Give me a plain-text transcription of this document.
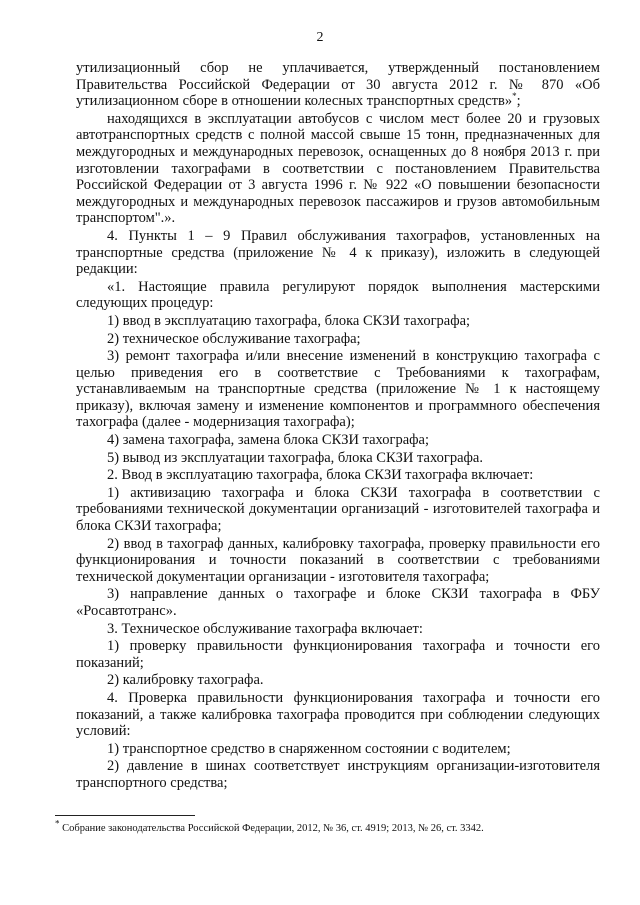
2

утилизационный сбор не уплачивается, утвержденный постановлением Правительства Российской Федерации от 30 августа 2012 г. № 870 «Об утилизационном сборе в отношении колесных транспортных средств»*;

находящихся в эксплуатации автобусов с числом мест более 20 и грузовых автотранспортных средств с полной массой свыше 15 тонн, предназначенных для междугородных и международных перевозок, оснащенных до 8 ноября 2013 г. при изготовлении тахографами в соответствии с постановлением Правительства Российской Федерации от 3 августа 1996 г. № 922 «О повышении безопасности междугородных и международных перевозок пассажиров и грузов автомобильным транспортом".».

4. Пункты 1 – 9 Правил обслуживания тахографов, установленных на транспортные средства (приложение № 4 к приказу), изложить в следующей редакции:

«1. Настоящие правила регулируют порядок выполнения мастерскими следующих процедур:

1) ввод в эксплуатацию тахографа, блока СКЗИ тахографа;

2) техническое обслуживание тахографа;

3) ремонт тахографа и/или внесение изменений в конструкцию тахографа с целью приведения его в соответствие с Требованиями к тахографам, устанавливаемым на транспортные средства (приложение № 1 к настоящему приказу), включая замену и изменение компонентов и программного обеспечения тахографа (далее - модернизация тахографа);

4) замена тахографа, замена блока СКЗИ тахографа;

5) вывод из эксплуатации тахографа, блока СКЗИ тахографа.

2. Ввод в эксплуатацию тахографа, блока СКЗИ тахографа включает:

1) активизацию тахографа и блока СКЗИ тахографа в соответствии с требованиями технической документации организаций - изготовителей тахографа и блока СКЗИ тахографа;

2) ввод в тахограф данных, калибровку тахографа, проверку правильности его функционирования и точности показаний в соответствии с требованиями технической документации организации - изготовителя тахографа;

3) направление данных о тахографе и блоке СКЗИ тахографа в ФБУ «Росавтотранс».

3. Техническое обслуживание тахографа включает:

1) проверку правильности функционирования тахографа и точности его показаний;

2) калибровку тахографа.

4. Проверка правильности функционирования тахографа и точности его показаний, а также калибровка тахографа проводится при соблюдении следующих условий:

1) транспортное средство в снаряженном состоянии с водителем;

2) давление в шинах соответствует инструкциям организации-изготовителя транспортного средства;

* Собрание законодательства Российской Федерации, 2012, № 36, ст. 4919; 2013, № 26, ст. 3342.
